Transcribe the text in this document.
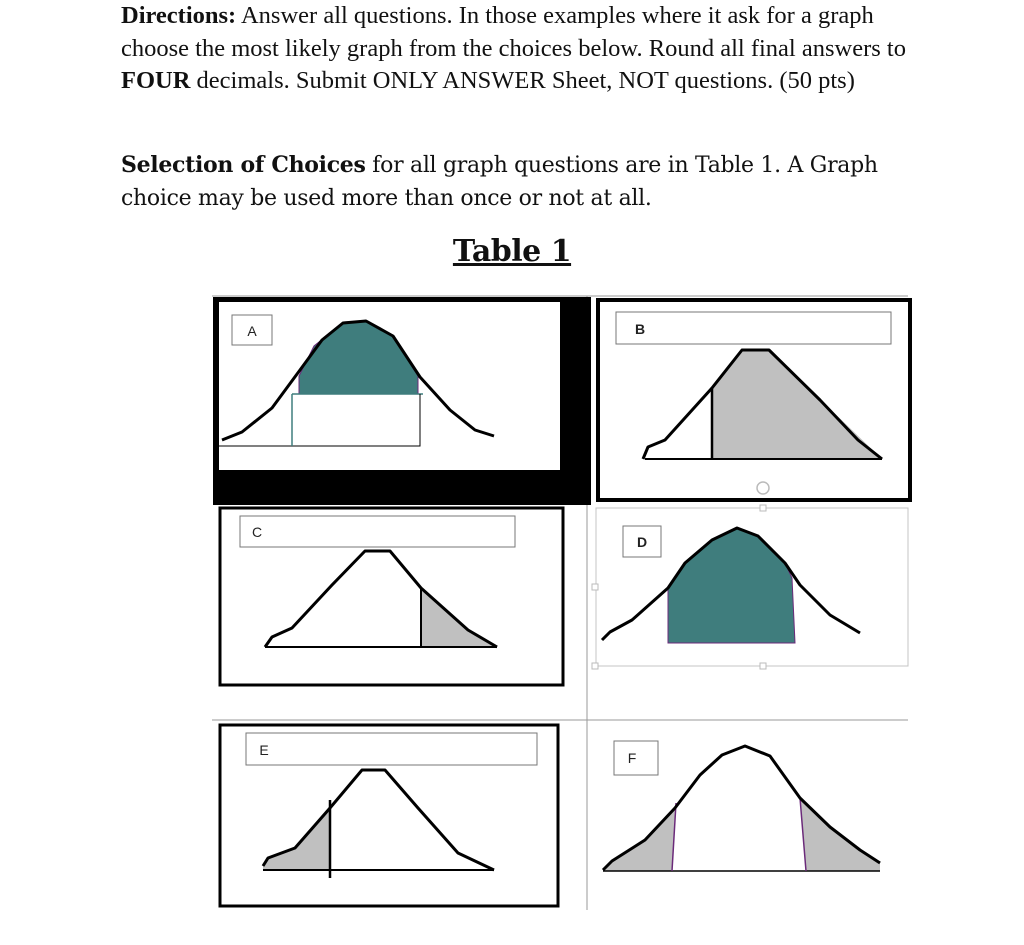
Directions: Answer all questions. In those examples where it ask for a graph choose the most likely graph from the choices below. Round all final answers to FOUR decimals. Submit ONLY ANSWER Sheet, NOT questions. (50 pts)
Selection of Choices for all graph questions are in Table 1. A Graph choice may be used more than once or not at all.
Table 1
A	B
C
D
E	F
